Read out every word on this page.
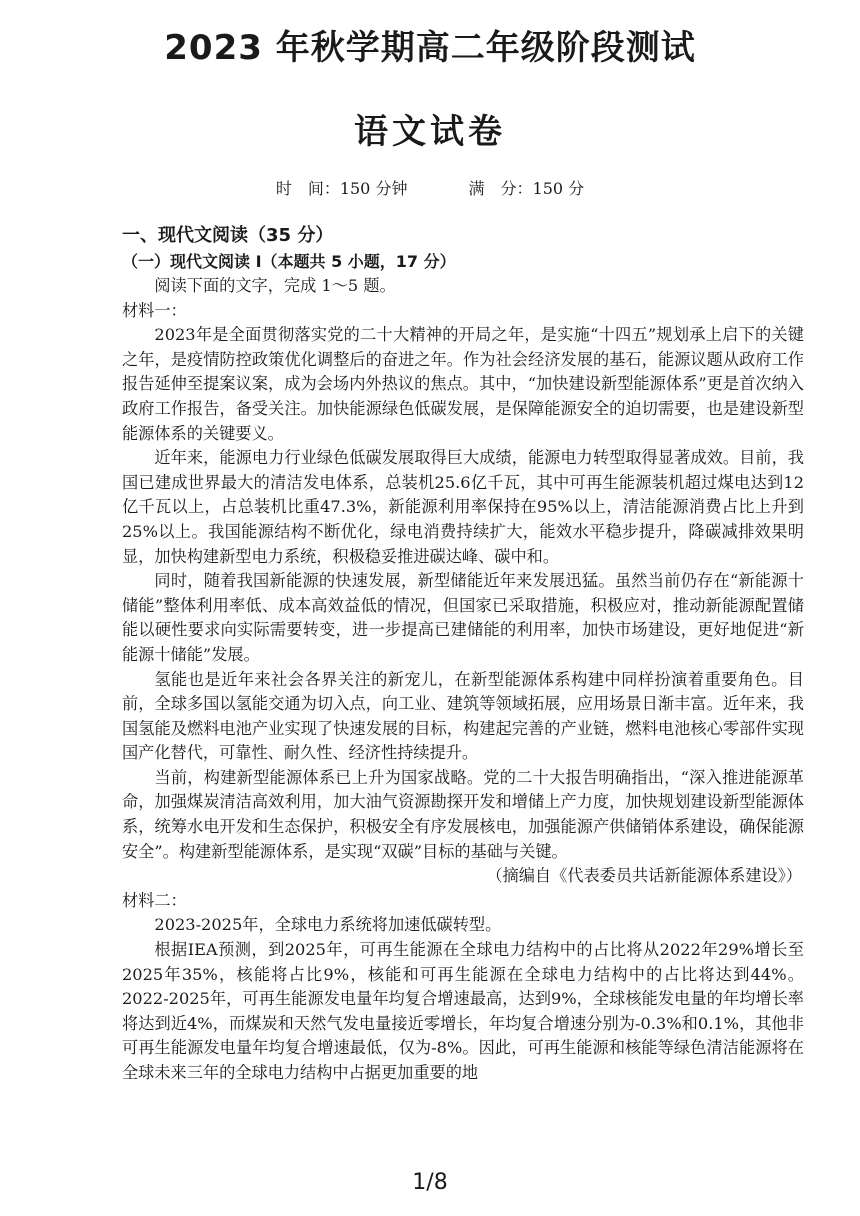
2023 年秋学期高二年级阶段测试
语文试卷
时　间：150 分钟	满　分：150 分

一、现代文阅读（35 分）

（一）现代文阅读 I（本题共 5 小题，17 分）

阅读下面的文字，完成 1～5 题。

材料一：

2023年是全面贯彻落实党的二十大精神的开局之年，是实施“十四五”规划承上启下的关键之年，是疫情防控政策优化调整后的奋进之年。作为社会经济发展的基石，能源议题从政府工作报告延伸至提案议案，成为会场内外热议的焦点。其中，“加快建设新型能源体系”更是首次纳入政府工作报告，备受关注。加快能源绿色低碳发展，是保障能源安全的迫切需要，也是建设新型能源体系的关键要义。

近年来，能源电力行业绿色低碳发展取得巨大成绩，能源电力转型取得显著成效。目前，我国已建成世界最大的清洁发电体系，总装机25.6亿千瓦，其中可再生能源装机超过煤电达到12亿千瓦以上，占总装机比重47.3%，新能源利用率保持在95%以上，清洁能源消费占比上升到25%以上。我国能源结构不断优化，绿电消费持续扩大，能效水平稳步提升，降碳减排效果明显，加快构建新型电力系统，积极稳妥推进碳达峰、碳中和。

同时，随着我国新能源的快速发展，新型储能近年来发展迅猛。虽然当前仍存在“新能源十储能”整体利用率低、成本高效益低的情况，但国家已采取措施，积极应对，推动新能源配置储能以硬性要求向实际需要转变，进一步提高已建储能的利用率，加快市场建设，更好地促进“新能源十储能”发展。

氢能也是近年来社会各界关注的新宠儿，在新型能源体系构建中同样扮演着重要角色。目前，全球多国以氢能交通为切入点，向工业、建筑等领域拓展，应用场景日渐丰富。近年来，我国氢能及燃料电池产业实现了快速发展的目标，构建起完善的产业链，燃料电池核心零部件实现国产化替代，可靠性、耐久性、经济性持续提升。

当前，构建新型能源体系已上升为国家战略。党的二十大报告明确指出，“深入推进能源革命，加强煤炭清洁高效利用，加大油气资源勘探开发和增储上产力度，加快规划建设新型能源体系，统筹水电开发和生态保护，积极安全有序发展核电，加强能源产供储销体系建设，确保能源安全”。构建新型能源体系，是实现“双碳”目标的基础与关键。

（摘编自《代表委员共话新能源体系建设》）

材料二：

2023-2025年，全球电力系统将加速低碳转型。

根据IEA预测，到2025年，可再生能源在全球电力结构中的占比将从2022年29%增长至2025年35%，核能将占比9%，核能和可再生能源在全球电力结构中的占比将达到44%。2022-2025年，可再生能源发电量年均复合增速最高，达到9%，全球核能发电量的年均增长率将达到近4%，而煤炭和天然气发电量接近零增长，年均复合增速分别为-0.3%和0.1%，其他非可再生能源发电量年均复合增速最低，仅为-8%。因此，可再生能源和核能等绿色清洁能源将在全球未来三年的全球电力结构中占据更加重要的地

1/8
